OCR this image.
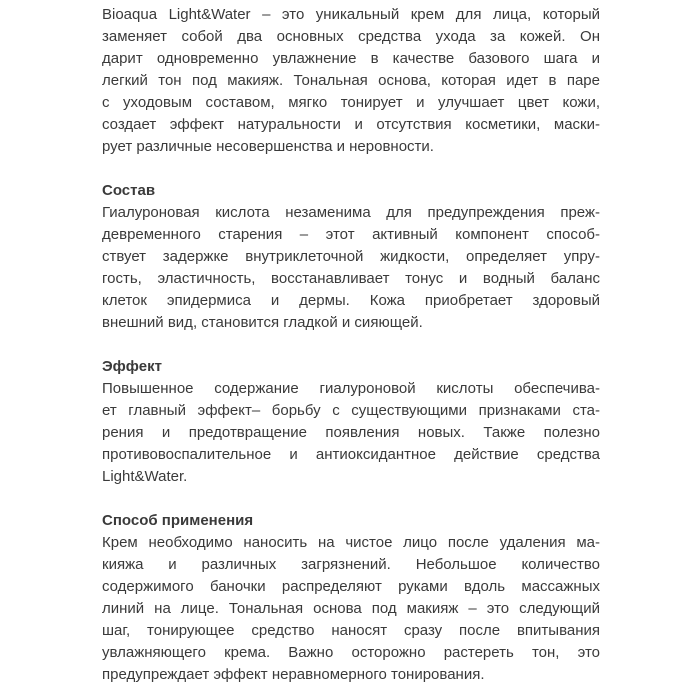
Bioaqua Light&Water – это уникальный крем для лица, который
заменяет собой два основных средства ухода за кожей. Он
дарит одновременно увлажнение в качестве базового шага и
легкий тон под макияж. Тональная основа, которая идет в паре
с уходовым составом, мягко тонирует и улучшает цвет кожи,
создает эффект натуральности и отсутствия косметики, маски-
рует различные несовершенства и неровности.
Состав
Гиалуроновая кислота незаменима для предупреждения преж-
девременного старения – этот активный компонент способ-
ствует задержке внутриклеточной жидкости, определяет упру-
гость, эластичность, восстанавливает тонус и водный баланс
клеток эпидермиса и дермы. Кожа приобретает здоровый
внешний вид, становится гладкой и сияющей.
Эффект
Повышенное содержание гиалуроновой кислоты обеспечива-
ет главный эффект– борьбу с существующими признаками ста-
рения и предотвращение появления новых. Также полезно
противовоспалительное и антиоксидантное действие средства
Light&Water.
Способ применения
Крем необходимо наносить на чистое лицо после удаления ма-
кияжа и различных загрязнений. Небольшое количество
содержимого баночки распределяют руками вдоль массажных
линий на лице. Тональная основа под макияж – это следующий
шаг, тонирующее средство наносят сразу после впитывания
увлажняющего крема. Важно осторожно растереть тон, это
предупреждает эффект неравномерного тонирования.
